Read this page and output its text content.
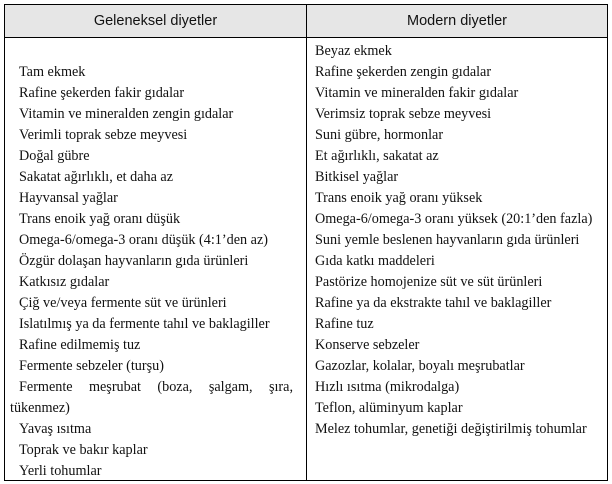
Geleneksel diyetler	Modern diyetler
Tam ekmek
Rafine şekerden fakir gıdalar
Vitamin ve mineralden zengin gıdalar
Verimli toprak sebze meyvesi
Doğal gübre
Sakatat ağırlıklı, et daha az
Hayvansal yağlar
Trans enoik yağ oranı düşük
Omega-6/omega-3 oranı düşük (4:1’den az)
Özgür dolaşan hayvanların gıda ürünleri
Katkısız gıdalar
Çiğ ve/veya fermente süt ve ürünleri
Islatılmış ya da fermente tahıl ve baklagiller
Rafine edilmemiş tuz
Fermente sebzeler (turşu)
Fermente meşrubat (boza, şalgam, şıra, tükenmez)
Yavaş ısıtma
Toprak ve bakır kaplar
Yerli tohumlar
Beyaz ekmek
Rafine şekerden zengin gıdalar
Vitamin ve mineralden fakir gıdalar
Verimsiz toprak sebze meyvesi
Suni gübre, hormonlar
Et ağırlıklı, sakatat az
Bitkisel yağlar
Trans enoik yağ oranı yüksek
Omega-6/omega-3 oranı yüksek (20:1’den fazla)
Suni yemle beslenen hayvanların gıda ürünleri
Gıda katkı maddeleri
Pastörize homojenize süt ve süt ürünleri
Rafine ya da ekstrakte tahıl ve baklagiller
Rafine tuz
Konserve sebzeler
Gazozlar, kolalar, boyalı meşrubatlar
Hızlı ısıtma (mikrodalga)
Teflon, alüminyum kaplar
Melez tohumlar, genetiği değiştirilmiş tohumlar
